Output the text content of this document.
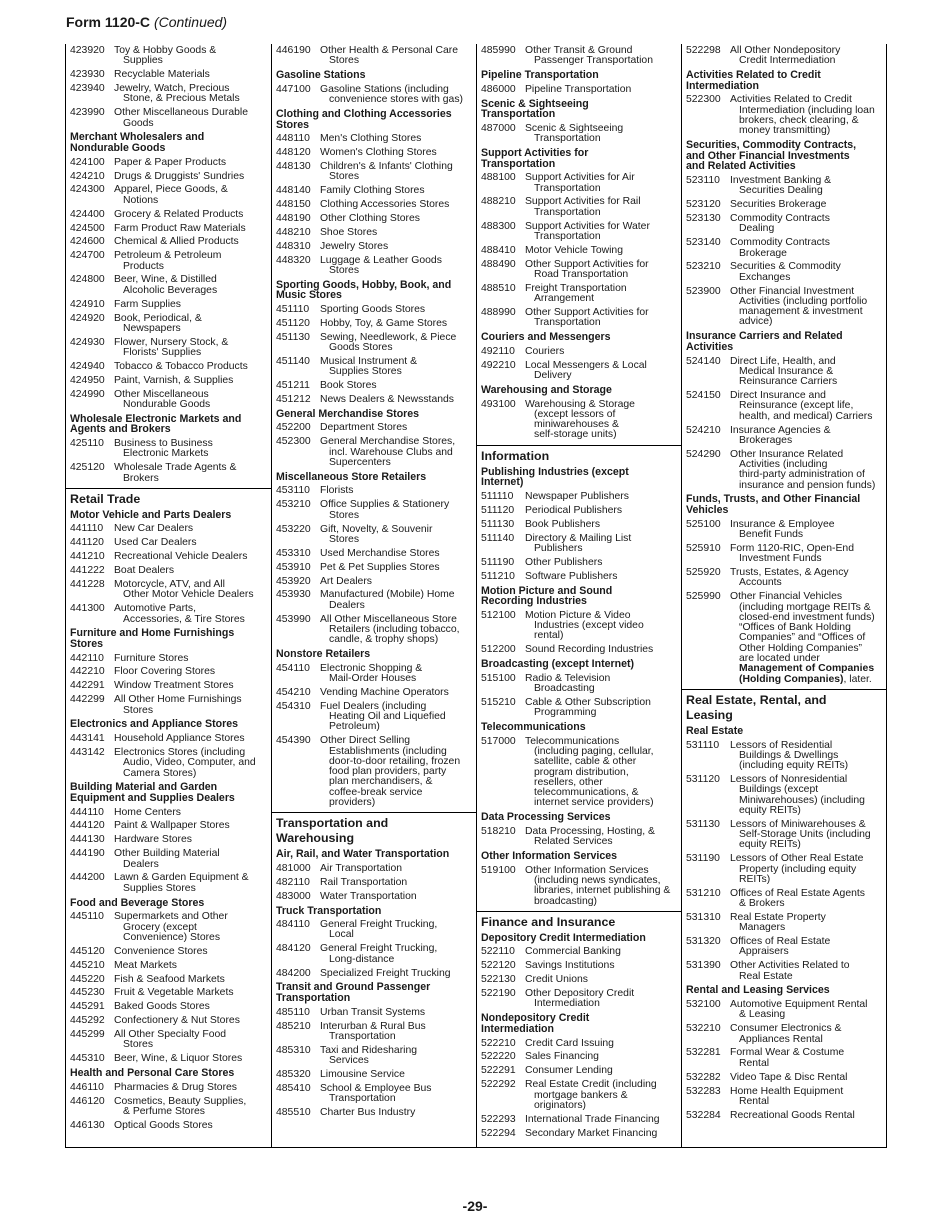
Form 1120-C (Continued)
423920 Toy & Hobby Goods &
Supplies
423930 Recyclable Materials
423940 Jewelry, Watch, Precious
Stone, & Precious Metals
423990 Other Miscellaneous Durable
Goods
Merchant Wholesalers and
Nondurable Goods
424100 Paper & Paper Products
424210 Drugs & Druggists' Sundries
424300 Apparel, Piece Goods, &
Notions
424400 Grocery & Related Products
424500 Farm Product Raw Materials
424600 Chemical & Allied Products
424700 Petroleum & Petroleum
Products
424800 Beer, Wine, & Distilled
Alcoholic Beverages
424910 Farm Supplies
424920 Book, Periodical, &
Newspapers
424930 Flower, Nursery Stock, &
Florists' Supplies
424940 Tobacco & Tobacco Products
424950 Paint, Varnish, & Supplies
424990 Other Miscellaneous
Nondurable Goods
Wholesale Electronic Markets and
Agents and Brokers
425110 Business to Business
Electronic Markets
425120 Wholesale Trade Agents &
Brokers
Retail Trade
Motor Vehicle and Parts Dealers
441110	New Car Dealers
441120 Used Car Dealers
441210 Recreational Vehicle Dealers
441222 Boat Dealers
441228 Motorcycle, ATV, and All
Other Motor Vehicle Dealers
441300 Automotive Parts,
Accessories, & Tire Stores
Furniture and Home Furnishings
Stores
442110 Furniture Stores
442210 Floor Covering Stores
442291 Window Treatment Stores
442299 All Other Home Furnishings
Stores
Electronics and Appliance Stores
443141 Household Appliance Stores
443142 Electronics Stores (including
Audio, Video, Computer, and
Camera Stores)
Building Material and Garden
Equipment and Supplies Dealers
444110 Home Centers
444120 Paint & Wallpaper Stores
444130 Hardware Stores
444190 Other Building Material
Dealers
444200 Lawn & Garden Equipment &
Supplies Stores
Food and Beverage Stores
445110 Supermarkets and Other
Grocery (except
Convenience) Stores
445120 Convenience Stores
445210 Meat Markets
445220 Fish & Seafood Markets
445230 Fruit & Vegetable Markets
445291 Baked Goods Stores
445292 Confectionery & Nut Stores
445299 All Other Specialty Food
Stores
445310 Beer, Wine, & Liquor Stores
Health and Personal Care Stores
446110 Pharmacies & Drug Stores
446120 Cosmetics, Beauty Supplies,
& Perfume Stores
446130 Optical Goods Stores
446190 Other Health & Personal Care
Stores
Gasoline Stations
447100 Gasoline Stations (including
convenience stores with gas)
Clothing and Clothing Accessories
Stores
448110 Men's Clothing Stores
448120 Women's Clothing Stores
448130 Children's & Infants' Clothing
Stores
448140 Family Clothing Stores
448150 Clothing Accessories Stores
448190 Other Clothing Stores
448210 Shoe Stores
448310 Jewelry Stores
448320 Luggage & Leather Goods
Stores
Sporting Goods, Hobby, Book, and
Music Stores
451110	Sporting Goods Stores
451120 Hobby, Toy, & Game Stores
451130 Sewing, Needlework, & Piece
Goods Stores
451140 Musical Instrument &
Supplies Stores
451211 Book Stores
451212 News Dealers & Newsstands
General Merchandise Stores
452200 Department Stores
452300 General Merchandise Stores,
incl. Warehouse Clubs and
Supercenters
Miscellaneous Store Retailers
453110 Florists
453210 Office Supplies & Stationery
Stores
453220 Gift, Novelty, & Souvenir
Stores
453310 Used Merchandise Stores
453910 Pet & Pet Supplies Stores
453920 Art Dealers
453930 Manufactured (Mobile) Home
Dealers
453990 All Other Miscellaneous Store
Retailers (including tobacco,
candle, & trophy shops)
Nonstore Retailers
454110 Electronic Shopping &
Mail-Order Houses
454210 Vending Machine Operators
454310 Fuel Dealers (including
Heating Oil and Liquefied
Petroleum)
454390 Other Direct Selling
Establishments (including
door-to-door retailing, frozen
food plan providers, party
plan merchandisers, &
coffee-break service
providers)
Transportation and
Warehousing
Air, Rail, and Water Transportation
481000 Air Transportation
482110 Rail Transportation
483000 Water Transportation
Truck Transportation
484110 General Freight Trucking,
Local
484120 General Freight Trucking,
Long-distance
484200 Specialized Freight Trucking
Transit and Ground Passenger
Transportation
485110 Urban Transit Systems
485210 Interurban & Rural Bus
Transportation
485310 Taxi and Ridesharing
Services
485320 Limousine Service
485410 School & Employee Bus
Transportation
485510 Charter Bus Industry
485990 Other Transit & Ground
Passenger Transportation
Pipeline Transportation
486000 Pipeline Transportation
Scenic & Sightseeing
Transportation
487000 Scenic & Sightseeing
Transportation
Support Activities for
Transportation
488100 Support Activities for Air
Transportation
488210 Support Activities for Rail
Transportation
488300 Support Activities for Water
Transportation
488410 Motor Vehicle Towing
488490 Other Support Activities for
Road Transportation
488510 Freight Transportation
Arrangement
488990 Other Support Activities for
Transportation
Couriers and Messengers
492110 Couriers
492210 Local Messengers & Local
Delivery
Warehousing and Storage
493100 Warehousing & Storage
(except lessors of
miniwarehouses &
self-storage units)
Information
Publishing Industries (except
Internet)
511110	Newspaper Publishers
511120	Periodical Publishers
511130	Book Publishers
511140	Directory & Mailing List
Publishers
511190	Other Publishers
511210 Software Publishers
Motion Picture and Sound
Recording Industries
512100 Motion Picture & Video
Industries (except video
rental)
512200 Sound Recording Industries
Broadcasting (except Internet)
515100 Radio & Television
Broadcasting
515210 Cable & Other Subscription
Programming
Telecommunications
517000 Telecommunications
(including paging, cellular,
satellite, cable & other
program distribution,
resellers, other
telecommunications, &
internet service providers)
Data Processing Services
518210 Data Processing, Hosting, &
Related Services
Other Information Services
519100 Other Information Services
(including news syndicates,
libraries, internet publishing &
broadcasting)
Finance and Insurance
Depository Credit Intermediation
522110 Commercial Banking
522120 Savings Institutions
522130 Credit Unions
522190 Other Depository Credit
Intermediation
Nondepository Credit
Intermediation
522210 Credit Card Issuing
522220 Sales Financing
522291 Consumer Lending
522292 Real Estate Credit (including
mortgage bankers &
originators)
522293 International Trade Financing
522294 Secondary Market Financing
522298 All Other Nondepository
Credit Intermediation
Activities Related to Credit
Intermediation
522300 Activities Related to Credit
Intermediation (including loan
brokers, check clearing, &
money transmitting)
Securities, Commodity Contracts,
and Other Financial Investments
and Related Activities
523110 Investment Banking &
Securities Dealing
523120 Securities Brokerage
523130 Commodity Contracts
Dealing
523140 Commodity Contracts
Brokerage
523210 Securities & Commodity
Exchanges
523900 Other Financial Investment
Activities (including portfolio
management & investment
advice)
Insurance Carriers and Related
Activities
524140 Direct Life, Health, and
Medical Insurance &
Reinsurance Carriers
524150 Direct Insurance and
Reinsurance (except life,
health, and medical) Carriers
524210 Insurance Agencies &
Brokerages
524290 Other Insurance Related
Activities (including
third-party administration of
insurance and pension funds)
Funds, Trusts, and Other Financial
Vehicles
525100 Insurance & Employee
Benefit Funds
525910 Form 1120-RIC, Open-End
Investment Funds
525920 Trusts, Estates, & Agency
Accounts
525990 Other Financial Vehicles
(including mortgage REITs &
closed-end investment funds)
“Offices of Bank Holding
Companies” and “Offices of
Other Holding Companies”
are located under
Management of Companies
(Holding Companies), later.
Real Estate, Rental, and
Leasing
Real Estate
531110	Lessors of Residential
Buildings & Dwellings
(including equity REITs)
531120 Lessors of Nonresidential
Buildings (except
Miniwarehouses) (including
equity REITs)
531130 Lessors of Miniwarehouses &
Self-Storage Units (including
equity REITs)
531190 Lessors of Other Real Estate
Property (including equity
REITs)
531210 Offices of Real Estate Agents
& Brokers
531310 Real Estate Property
Managers
531320 Offices of Real Estate
Appraisers
531390 Other Activities Related to
Real Estate
Rental and Leasing Services
532100 Automotive Equipment Rental
& Leasing
532210 Consumer Electronics &
Appliances Rental
532281 Formal Wear & Costume
Rental
532282 Video Tape & Disc Rental
532283 Home Health Equipment
Rental
532284 Recreational Goods Rental
-29-
